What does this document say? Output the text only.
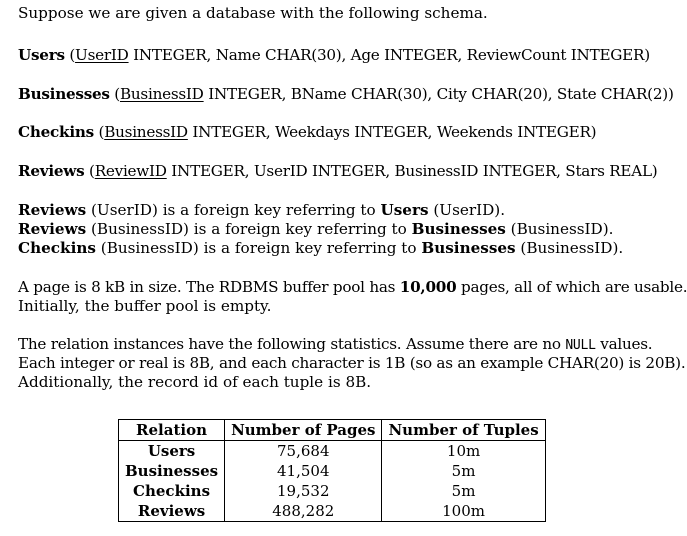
Suppose we are given a database with the following schema.
Users (UserID INTEGER, Name CHAR(30), Age INTEGER, ReviewCount INTEGER)
Businesses (BusinessID INTEGER, BName CHAR(30), City CHAR(20), State CHAR(2))
Checkins (BusinessID INTEGER, Weekdays INTEGER, Weekends INTEGER)
Reviews (ReviewID INTEGER, UserID INTEGER, BusinessID INTEGER, Stars REAL)
Reviews (UserID) is a foreign key referring to Users (UserID).
Reviews (BusinessID) is a foreign key referring to Businesses (BusinessID).
Checkins (BusinessID) is a foreign key referring to Businesses (BusinessID).
A page is 8 kB in size. The RDBMS buffer pool has 10,000 pages, all of which are usable.
Initially, the buffer pool is empty.
The relation instances have the following statistics. Assume there are no NULL values.
Each integer or real is 8B, and each character is 1B (so as an example CHAR(20) is 20B).
Additionally, the record id of each tuple is 8B.
Relation	Number of Pages	Number of Tuples
Users	75,684	10m
Businesses	41,504	5m
Checkins	19,532	5m
Reviews	488,282	100m
